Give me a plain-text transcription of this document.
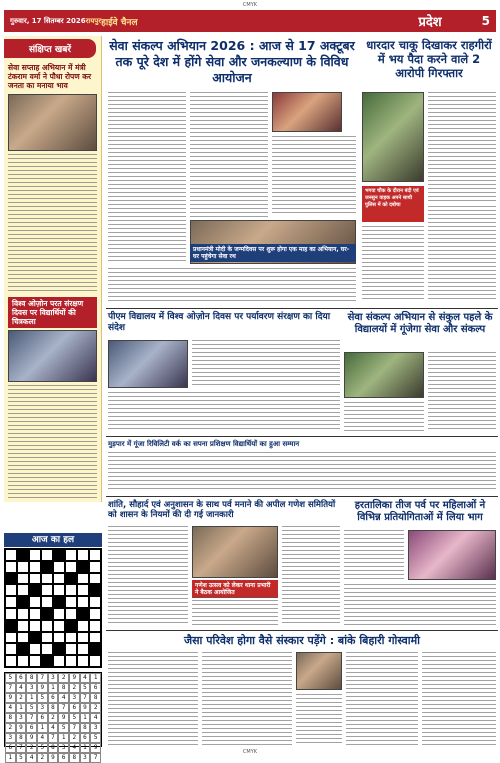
CMYK
गुरुवार, 17 सितम्बर 2026 रायपुर हाईवे चैनल	प्रदेश	5
संक्षिप्त खबरें
सेवा सप्ताह अभियान में मंत्री टंकराम वर्मा ने पौधा रोपण कर जनता का मनाया भाव
विश्व ओज़ोन परत संरक्षण दिवस पर विद्यार्थियों की चित्रकला
आज का हल
5	6	8	7	3	2	9	4	1
7	4	3	9	1	8	2	5	6
9	2	1	5	6	4	3	7	8
4	1	5	3	8	7	6	9	2
8	3	7	6	2	9	5	1	4
2	9	6	1	4	5	7	8	3
3	8	9	4	7	1	2	6	5
6	7	2	5	8	3	4	1	9
1	5	4	2	9	6	8	3	7
सेवा संकल्प अभियान 2026 : आज से 17 अक्टूबर तक पूरे देश में होंगे सेवा और जनकल्याण के विविध आयोजन
प्रधानमंत्री मोदी के जन्मदिवस पर शुरू होगा एक माह का अभियान, घर-घर पहुंचेगा सेवा रथ
धारदार चाकू दिखाकर राहगीरों में भय पैदा करने वाले 2 आरोपी गिरफ्तार
भगवा चौक के दौरान बंदी एवं जनसुन वाहक अपने साथी पुलिस में को दबोचा
पीएम विद्यालय में विश्व ओज़ोन दिवस पर पर्यावरण संरक्षण का दिया संदेश
सेवा संकल्प अभियान से संकुल पहले के विद्यालयों में गूंजेगा सेवा और संकल्प
मुड़पार में गूंजा रिविलिटी वर्क का सपना प्रशिक्षण विद्यार्थियों का हुआ सम्मान
शांति, सौहार्द एवं अनुशासन के साथ पर्व मनाने की अपील गणेश समितियों को शासन के नियमों की दी गई जानकारी
गणेश उत्सव को लेकर थाना प्रभारी ने बैठक आयोजित
हरतालिका तीज पर्व पर महिलाओं ने विभिन्न प्रतियोगिताओं में लिया भाग
जैसा परिवेश होगा वैसे संस्कार पड़ेंगे : बांके बिहारी गोस्वामी
CMYK
